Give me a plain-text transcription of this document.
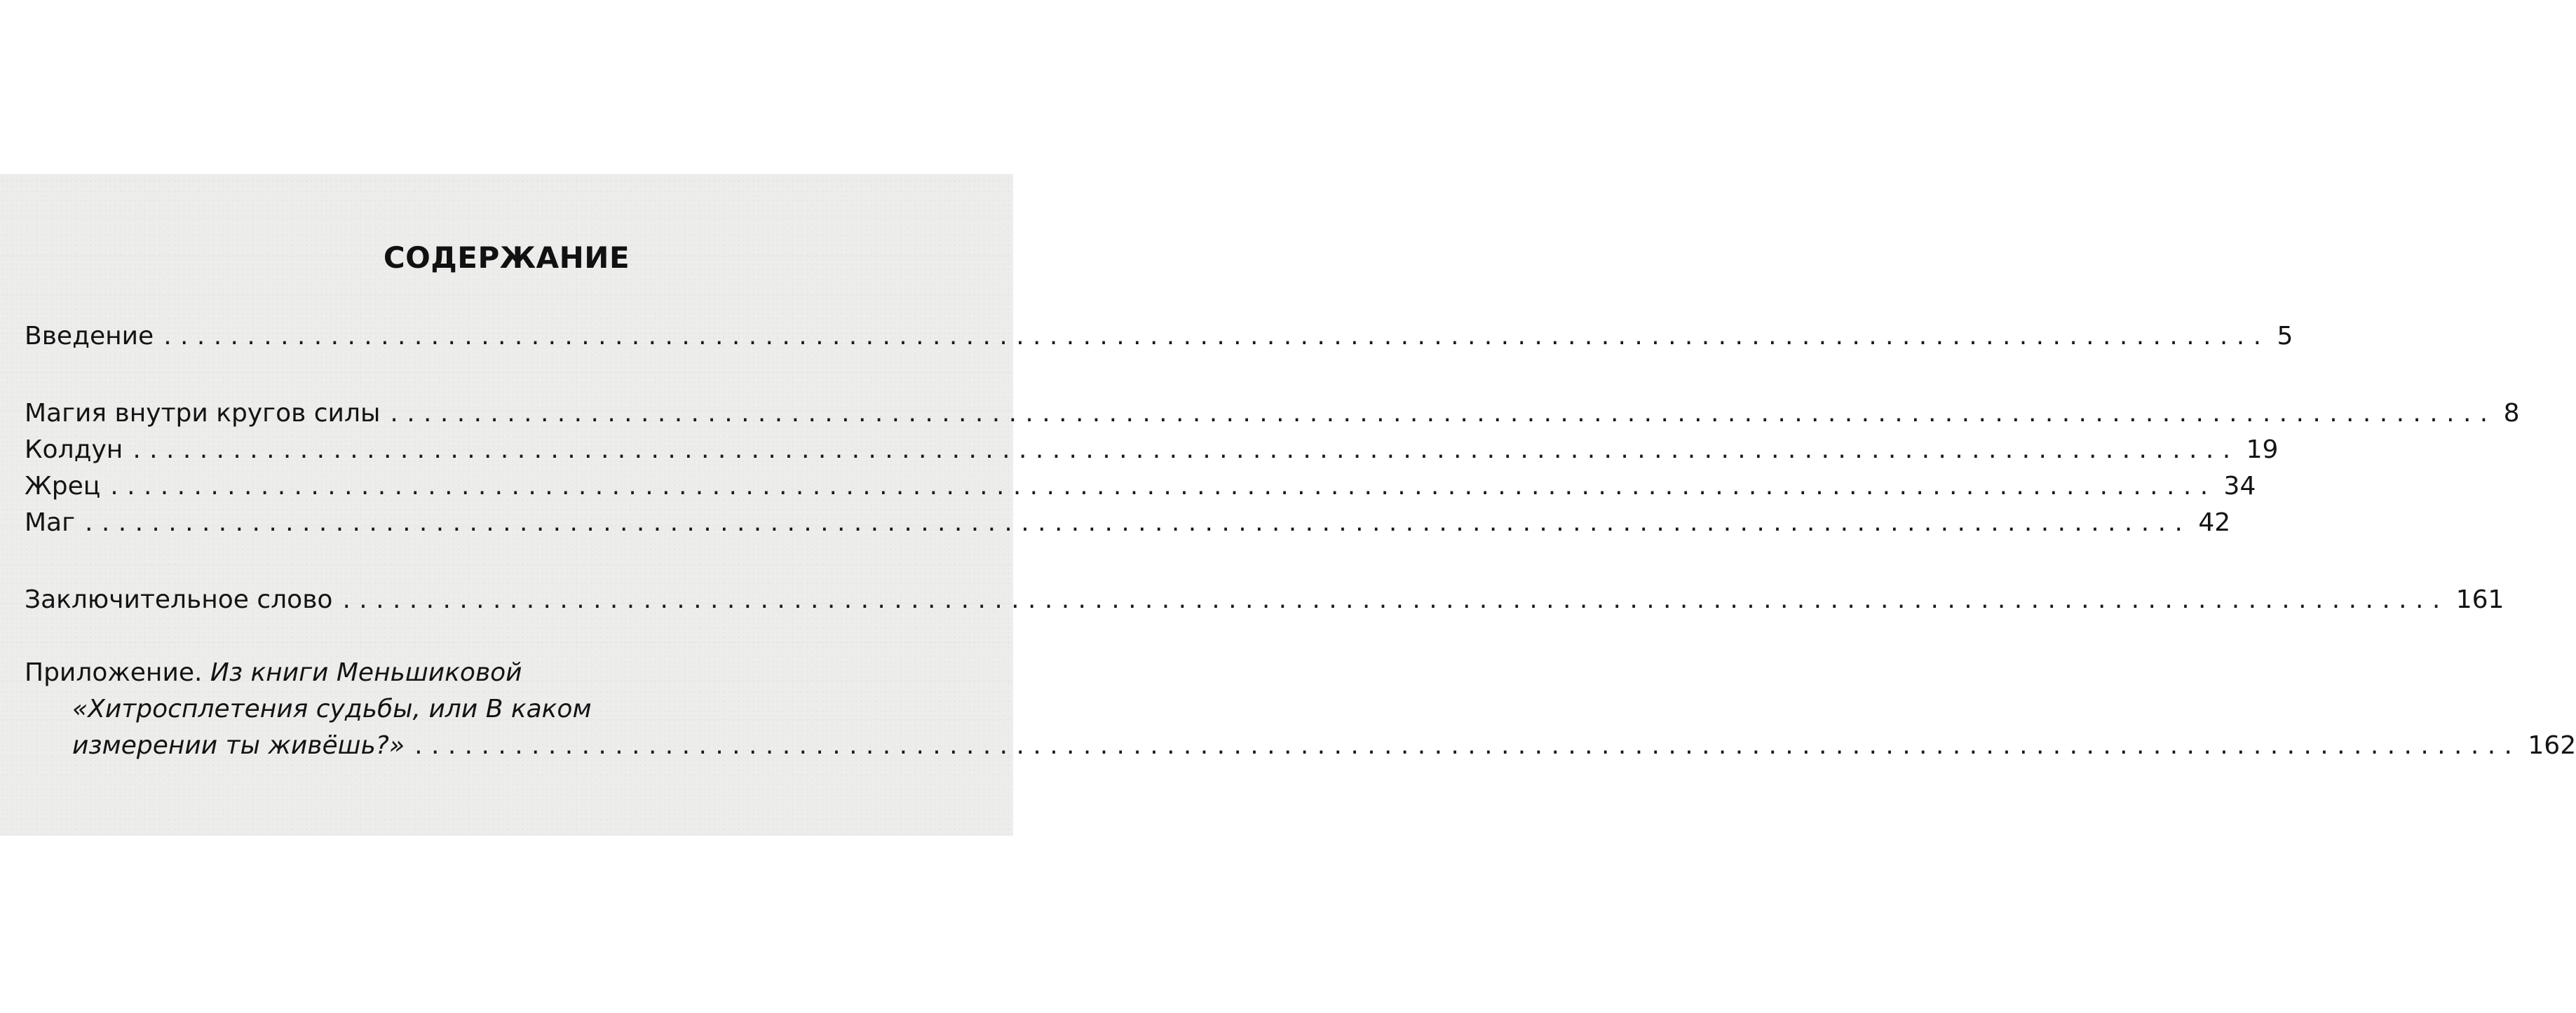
СОДЕРЖАНИЕ
Введение .............................................................................................................................. 5
Магия внутри кругов силы .............................................................................................................................. 8
Колдун .............................................................................................................................. 19
Жрец .............................................................................................................................. 34
Маг .............................................................................................................................. 42
Заключительное слово .............................................................................................................................. 161
Приложение. Из книги Меньшиковой
«Хитросплетения судьбы, или В каком
измерении ты живёшь?» .............................................................................................................................. 162
